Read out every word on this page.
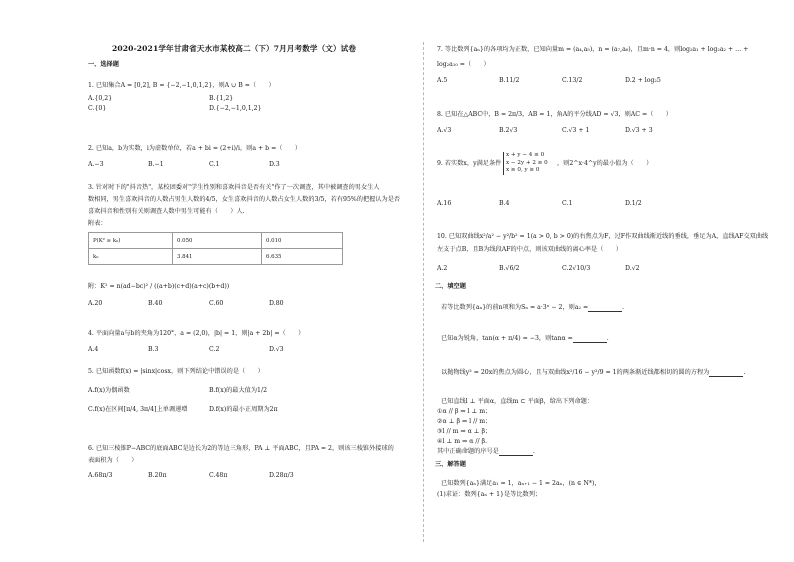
2020-2021学年甘肃省天水市某校高二（下）7月月考数学（文）试卷
一、选择题
1. 已知集合A = [0,2], B = {−2,−1,0,1,2}，则A ∪ B =（　　）
A.{0,2}	B.{1,2}
C.{0}	D.{−2,−1,0,1,2}
2. 已知a，b为实数，i为虚数单位，若a + bi = (2+i)/i，则a + b =（　　）
A.−3	B.−1	C.1	D.3
3. 针对时下的"抖音热"，某校团委对"学生性别和喜欢抖音是否有关"作了一次调查，其中被调查的男女生人
数相同，男生喜欢抖音的人数占男生人数的4/5，女生喜欢抖音的人数占女生人数的3/5，若有95%的把握认为是否
喜欢抖音和性别有关则调查人数中男生可能有（　　）人.
附表：
P(K² ≥ k₀)	0.050	0.010
k₀	3.841	6.635
附：K² = n(ad−bc)² / ((a+b)(c+d)(a+c)(b+d))
A.20	B.40	C.60	D.80
4. 平面向量a与b的夹角为120°，a = (2,0)，|b| = 1，则|a + 2b| =（　　）
A.4	B.3	C.2	D.√3
5. 已知函数f(x) = |sinx|cosx，则下列结论中错误的是（　　）
A.f(x)为偶函数	B.f(x)的最大值为1/2
C.f(x)在区间[π/4, 3π/4]上单调递增	D.f(x)的最小正周期为2π
6. 已知三棱锥P−ABC的底面ABC是边长为2的等边三角形，PA ⊥ 平面ABC，且PA = 2，则该三棱锥外接球的
表面积为（　　）
A.68π/3	B.20π	C.48π	D.28π/3
7. 等比数列{aₙ}的各项均为正数，已知向量m = (a₄,a₅)，n = (a₇,a₆)，且m·n = 4，则log₂a₁ + log₂a₂ + … +
log₂a₁₀ =（　　）
A.5	B.11/2	C.13/2	D.2 + log₂5
8. 已知在△ABC中，B = 2π/3，AB = 1，角A的平分线AD = √3，则AC =（　　）
A.√3	B.2√3	C.√3 + 1	D.√3 + 3
9. 若实数x，y满足条件
x + y − 4 ≤ 0
x − 2y + 2 ≥ 0
x ≥ 0, y ≥ 0
，则2^x·4^y的最小值为（　　）
A.16	B.4	C.1	D.1/2
10. 已知双曲线x²/a² − y²/b² = 1(a > 0, b > 0)的右焦点为F，过F作双曲线渐近线的垂线，垂足为A，直线AF交双曲线
左支于点B，且B为线段AF的中点，则该双曲线的离心率是（　　）
A.2	B.√6/2	C.2√10/3	D.√2
二、填空题
若等比数列{aₙ}的前n项和为Sₙ = a·3ⁿ − 2，则a₂ =	.
已知α为锐角，tan(α + π/4) = −3，则tanα =	.
以抛物线y² = 20x的焦点为圆心，且与双曲线x²/16 − y²/9 = 1的两条渐近线都相切的圆的方程为	.
已知直线l ⊥ 平面α，直线m ⊂ 平面β，给出下列命题：
①α // β ⇒ l ⊥ m；
②α ⊥ β ⇒ l // m；
③l // m ⇒ α ⊥ β；
④l ⊥ m ⇒ α // β.
其中正确命题的序号是	.
三、解答题
已知数列{aₙ}满足a₁ = 1，aₙ₊₁ − 1 = 2aₙ，(n ∈ N*)，
(1)求证：数列{aₙ + 1}是等比数列；
